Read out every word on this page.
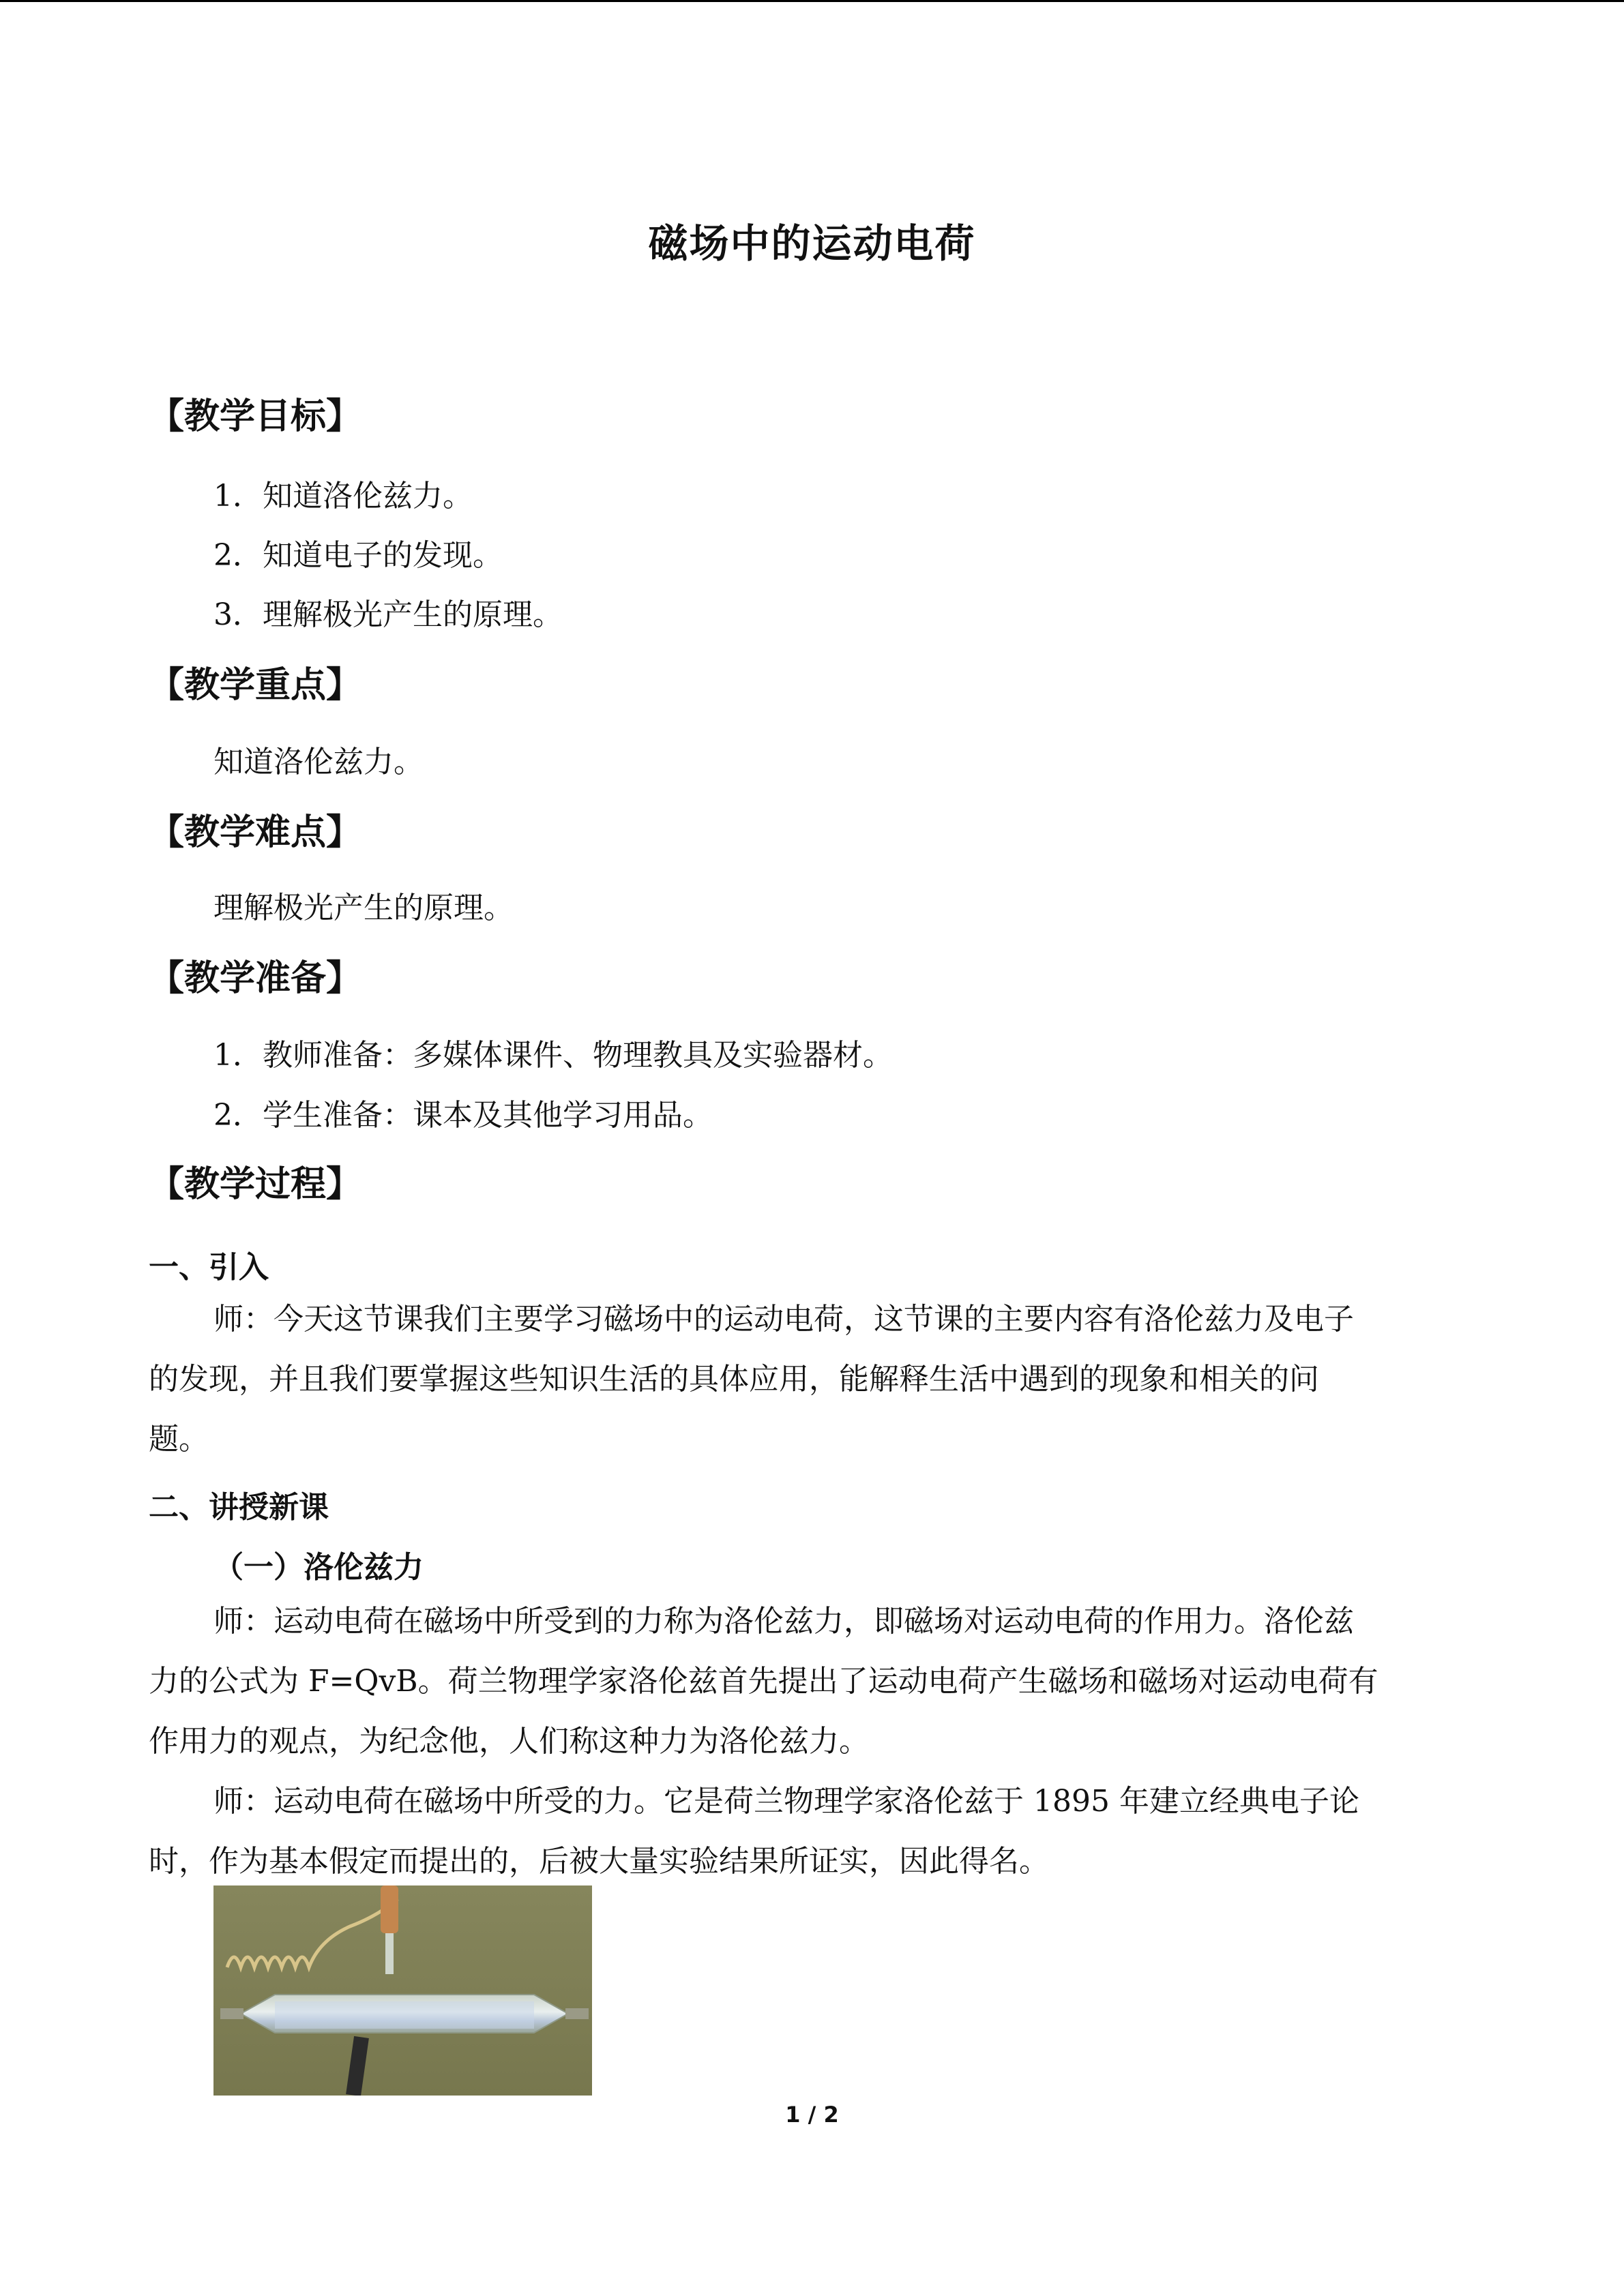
磁场中的运动电荷
【教学目标】
1．知道洛伦兹力。
2．知道电子的发现。
3．理解极光产生的原理。
【教学重点】
知道洛伦兹力。
【教学难点】
理解极光产生的原理。
【教学准备】
1．教师准备：多媒体课件、物理教具及实验器材。
2．学生准备：课本及其他学习用品。
【教学过程】
一、引入
师：今天这节课我们主要学习磁场中的运动电荷，这节课的主要内容有洛伦兹力及电子
的发现，并且我们要掌握这些知识生活的具体应用，能解释生活中遇到的现象和相关的问
题。
二、讲授新课
（一）洛伦兹力
师：运动电荷在磁场中所受到的力称为洛伦兹力，即磁场对运动电荷的作用力。洛伦兹
力的公式为 F=QvB。荷兰物理学家洛伦兹首先提出了运动电荷产生磁场和磁场对运动电荷有
作用力的观点，为纪念他，人们称这种力为洛伦兹力。
师：运动电荷在磁场中所受的力。它是荷兰物理学家洛伦兹于 1895 年建立经典电子论
时，作为基本假定而提出的，后被大量实验结果所证实，因此得名。
1 / 2
